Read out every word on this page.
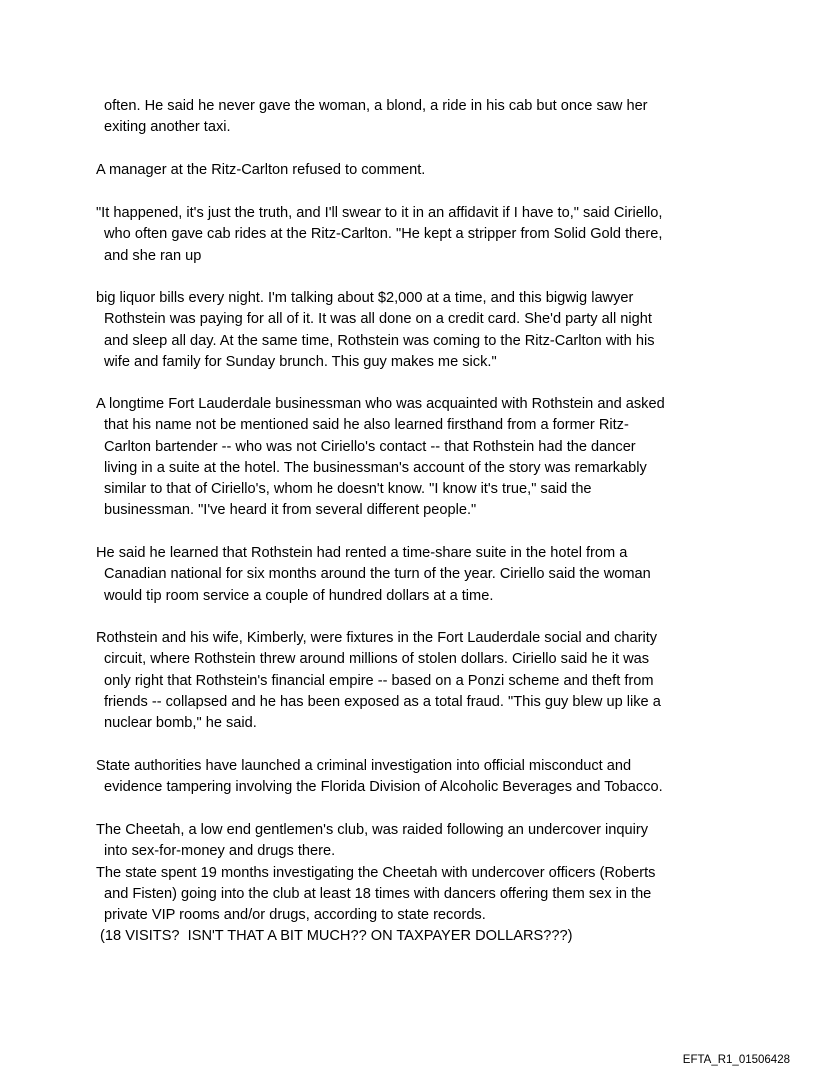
often. He said he never gave the woman, a blond, a ride in his cab but once saw her
exiting another taxi.
A manager at the Ritz-Carlton refused to comment.
"It happened, it's just the truth, and I'll swear to it in an affidavit if I have to," said Ciriello,
who often gave cab rides at the Ritz-Carlton. "He kept a stripper from Solid Gold there,
and she ran up
big liquor bills every night. I'm talking about $2,000 at a time, and this bigwig lawyer
Rothstein was paying for all of it. It was all done on a credit card. She'd party all night
and sleep all day. At the same time, Rothstein was coming to the Ritz-Carlton with his
wife and family for Sunday brunch. This guy makes me sick."
A longtime Fort Lauderdale businessman who was acquainted with Rothstein and asked
that his name not be mentioned said he also learned firsthand from a former Ritz-
Carlton bartender -- who was not Ciriello's contact -- that Rothstein had the dancer
living in a suite at the hotel. The businessman's account of the story was remarkably
similar to that of Ciriello's, whom he doesn't know. "I know it's true," said the
businessman. "I've heard it from several different people."
He said he learned that Rothstein had rented a time-share suite in the hotel from a
Canadian national for six months around the turn of the year. Ciriello said the woman
would tip room service a couple of hundred dollars at a time.
Rothstein and his wife, Kimberly, were fixtures in the Fort Lauderdale social and charity
circuit, where Rothstein threw around millions of stolen dollars. Ciriello said he it was
only right that Rothstein's financial empire -- based on a Ponzi scheme and theft from
friends -- collapsed and he has been exposed as a total fraud. "This guy blew up like a
nuclear bomb," he said.
State authorities have launched a criminal investigation into official misconduct and
evidence tampering involving the Florida Division of Alcoholic Beverages and Tobacco.
The Cheetah, a low end gentlemen's club, was raided following an undercover inquiry
into sex-for-money and drugs there.
The state spent 19 months investigating the Cheetah with undercover officers (Roberts
and Fisten) going into the club at least 18 times with dancers offering them sex in the
private VIP rooms and/or drugs, according to state records.
(18 VISITS?  ISN'T THAT A BIT MUCH?? ON TAXPAYER DOLLARS???)
EFTA_R1_01506428
